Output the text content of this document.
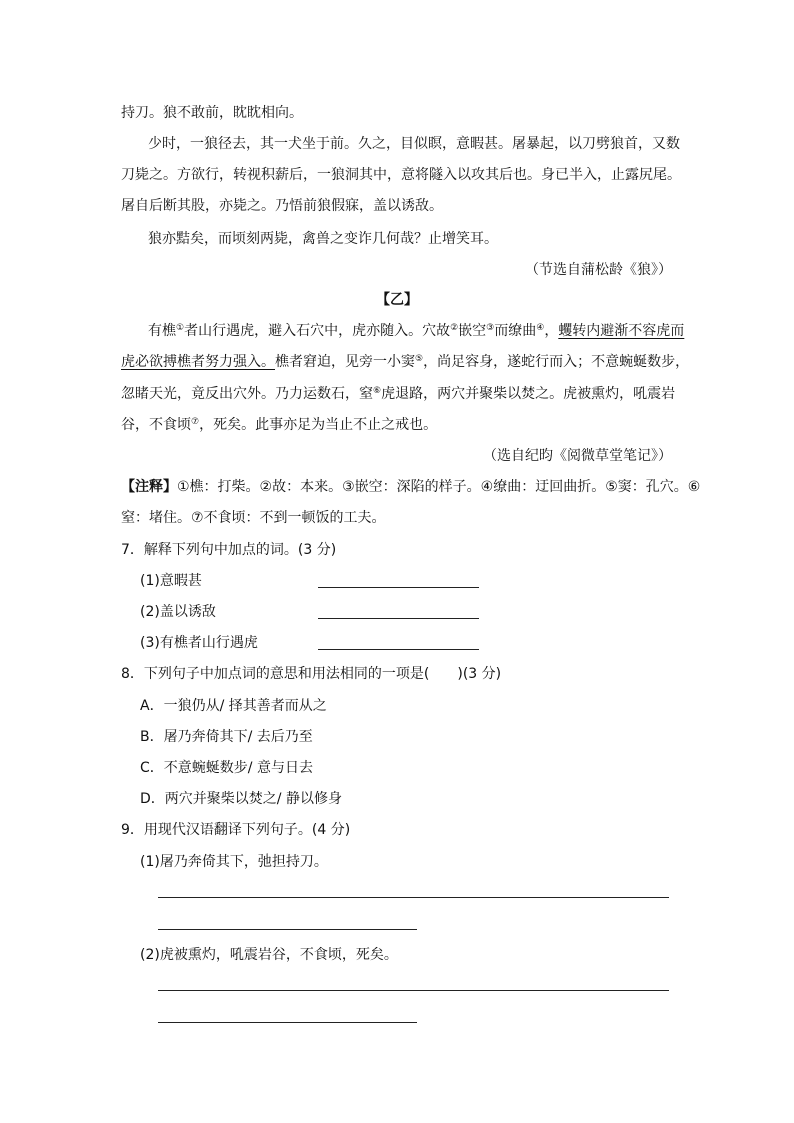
持刀。狼不敢前，眈眈相向。
少时，一狼径去，其一犬坐于前。久之，目似瞑，意暇甚。屠暴起，以刀劈狼首，又数
刀毙之。方欲行，转视积薪后，一狼洞其中，意将隧入以攻其后也。身已半入，止露尻尾。
屠自后断其股，亦毙之。乃悟前狼假寐，盖以诱敌。
狼亦黠矣，而顷刻两毙，禽兽之变诈几何哉？止增笑耳。
（节选自蒲松龄《狼》）
【乙】
有樵①者山行遇虎，避入石穴中，虎亦随入。穴故②嵌空③而缭曲④，蠼转内避渐不容虎而
虎必欲搏樵者努力强入。樵者窘迫，见旁一小窦⑤，尚足容身，遂蛇行而入；不意蜿蜒数步，
忽睹天光，竟反出穴外。乃力运数石，窒⑥虎退路，两穴并聚柴以焚之。虎被熏灼，吼震岩
谷，不食顷⑦，死矣。此事亦足为当止不止之戒也。
（选自纪昀《阅微草堂笔记》）
【注释】①樵：打柴。②故：本来。③嵌空：深陷的样子。④缭曲：迂回曲折。⑤窦：孔穴。⑥
窒：堵住。⑦不食顷：不到一顿饭的工夫。
7．解释下列句中加点的词。(3 分)
(1)意暇甚
(2)盖以诱敌
(3)有樵者山行遇虎
8．下列句子中加点词的意思和用法相同的一项是(　　)(3 分)
A．一狼仍从/ 择其善者而从之
B．屠乃奔倚其下/ 去后乃至
C．不意蜿蜒数步/ 意与日去
D．两穴并聚柴以焚之/ 静以修身
9．用现代汉语翻译下列句子。(4 分)
(1)屠乃奔倚其下，弛担持刀。
(2)虎被熏灼，吼震岩谷，不食顷，死矣。
